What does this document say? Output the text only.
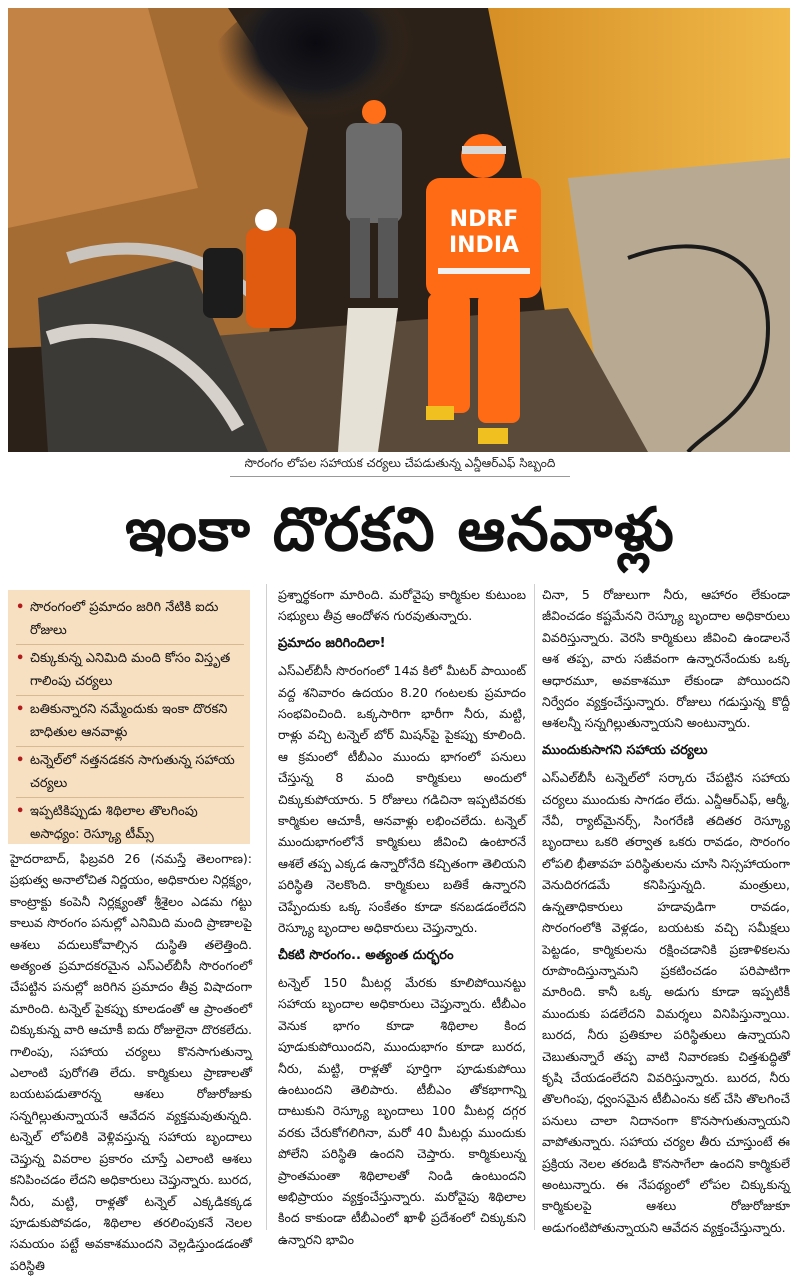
NDRF
INDIA
సొరంగం లోపల సహాయక చర్యలు చేపడుతున్న ఎన్డీఆర్‌ఎఫ్ సిబ్బంది
ఇంకా దొరకని ఆనవాళ్లు
• సొరంగంలో ప్రమాదం జరిగి నేటికి ఐదు రోజులు
• చిక్కుకున్న ఎనిమిది మంది కోసం విస్తృత గాలింపు చర్యలు
• బతికున్నారని నమ్మేందుకు ఇంకా దొరకని బాధితుల ఆనవాళ్లు
• టన్నెల్‌లో నత్తనడకన సాగుతున్న సహాయ చర్యలు
• ఇప్పటికిప్పుడు శిథిలాల తొలగింపు అసాధ్యం: రెస్క్యూ టీమ్స్

హైదరాబాద్, ఫిబ్రవరి 26 (నమస్తే తెలంగాణ): ప్రభుత్వ అనాలోచిత నిర్ణయం, అధికారుల నిర్లక్ష్యం, కాంట్రాక్టు కంపెనీ నిర్లక్ష్యంతో శ్రీశైలం ఎడమ గట్టు కాలువ సొరంగం పనుల్లో ఎనిమిది మంది ప్రాణాలపై ఆశలు వదులుకోవాల్సిన దుస్థితి తలెత్తింది. అత్యంత ప్రమాదకరమైన ఎస్‌ఎల్‌బీసీ సొరంగంలో చేపట్టిన పనుల్లో జరిగిన ప్రమాదం తీవ్ర విషాదంగా మారింది. టన్నెల్ పైకప్పు కూలడంతో ఆ ప్రాంతంలో చిక్కుకున్న వారి ఆచూకీ ఐదు రోజులైనా దొరకలేదు. గాలింపు, సహాయ చర్యలు కొనసాగుతున్నా ఎలాంటి పురోగతి లేదు. కార్మికులు ప్రాణాలతో బయటపడుతారన్న ఆశలు రోజురోజుకు సన్నగిల్లుతున్నాయనే ఆవేదన వ్యక్తమవుతున్నది. టన్నెల్ లోపలికి వెళ్లివస్తున్న సహాయ బృందాలు చెప్తున్న వివరాల ప్రకారం చూస్తే ఎలాంటి ఆశలు కనిపించడం లేదని అధికారులు చెప్తున్నారు. బురద, నీరు, మట్టి, రాళ్లతో టన్నెల్ ఎక్కడికక్కడ పూడుకుపోవడం, శిథిలాల తరలింపుకనే నెలల సమయం పట్టే అవకాశముందని వెల్లడిస్తుండడంతో పరిస్థితి

ప్రశ్నార్థకంగా మారింది. మరోవైపు కార్మికుల కుటుంబ సభ్యులు తీవ్ర ఆందోళన గురవుతున్నారు.

ప్రమాదం జరిగిందిలా!

ఎస్‌ఎల్‌బీసీ సొరంగంలో 14వ కిలో మీటర్ పాయింట్ వద్ద శనివారం ఉదయం 8.20 గంటలకు ప్రమాదం సంభవించింది. ఒక్కసారిగా భారీగా నీరు, మట్టి, రాళ్లు వచ్చి టన్నెల్ బోర్ మిషన్‌పై పైకప్పు కూలింది. ఆ క్రమంలో టీబీఎం ముందు భాగంలో పనులు చేస్తున్న 8 మంది కార్మికులు అందులో చిక్కుకుపోయారు. 5 రోజులు గడిచినా ఇప్పటివరకు కార్మికుల ఆచూకీ, ఆనవాళ్లు లభించలేదు. టన్నెల్ ముందుభాగంలోనే కార్మికులు జీవించి ఉంటారనే ఆశలే తప్ప ఎక్కడ ఉన్నారోనేది కచ్చితంగా తెలియని పరిస్థితి నెలకొంది. కార్మికులు బతికే ఉన్నారని చెప్పేందుకు ఒక్క సంకేతం కూడా కనబడడంలేదని రెస్క్యూ బృందాల అధికారులు చెప్తున్నారు.

చీకటి సొరంగం.. అత్యంత దుర్భరం

టన్నెల్ 150 మీటర్ల మేరకు కూలిపోయినట్టు సహాయ బృందాల అధికారులు చెప్తున్నారు. టీబీఎం వెనుక భాగం కూడా శిథిలాల కింద పూడుకుపోయిందని, ముందుభాగం కూడా బురద, నీరు, మట్టి, రాళ్లతో పూర్తిగా పూడుకుపోయి ఉంటుందని తెలిపారు. టీబీఎం తోకభాగాన్ని దాటుకుని రెస్క్యూ బృందాలు 100 మీటర్ల దగ్గర వరకు చేరుకోగలిగినా, మరో 40 మీటర్లు ముందుకు పోలేని పరిస్థితి ఉందని చెప్తారు. కార్మికులున్న ప్రాంతమంతా శిథిలాలతో నిండి ఉంటుందని అభిప్రాయం వ్యక్తంచేస్తున్నారు. మరోవైపు శిథిలాల కింద కాకుండా టీబీఎంలో ఖాళీ ప్రదేశంలో చిక్కుకుని ఉన్నారని భావిం

చినా, 5 రోజులుగా నీరు, ఆహారం లేకుండా జీవించడం కష్టమేనని రెస్క్యూ బృందాల అధికారులు వివరిస్తున్నారు. వెరసి కార్మికులు జీవించి ఉండాలనే ఆశ తప్ప, వారు సజీవంగా ఉన్నారనేందుకు ఒక్క ఆధారమూ, అవకాశమూ లేకుండా పోయిందని నిర్వేదం వ్యక్తంచేస్తున్నారు. రోజులు గడుస్తున్న కొద్దీ ఆశలన్నీ సన్నగిల్లుతున్నాయని అంటున్నారు.

ముందుకుసాగని సహాయ చర్యలు

ఎస్‌ఎల్‌బీసీ టన్నెల్‌లో సర్కారు చేపట్టిన సహాయ చర్యలు ముందుకు సాగడం లేదు. ఎన్డీఆర్‌ఎఫ్, ఆర్మీ, నేవీ, ర్యాట్‌మైనర్స్, సింగరేణి తదితర రెస్క్యూ బృందాలు ఒకరి తర్వాత ఒకరు రావడం, సొరంగం లోపలి భీతావహ పరిస్థితులను చూసి నిస్సహాయంగా వెనుదిరగడమే కనిపిస్తున్నది. మంత్రులు, ఉన్నతాధికారులు హడావుడిగా రావడం, సొరంగంలోకి వెళ్లడం, బయటకు వచ్చి సమీక్షలు పెట్టడం, కార్మికులను రక్షించడానికి ప్రణాళికలను రూపొందిస్తున్నామని ప్రకటించడం పరిపాటిగా మారింది. కానీ ఒక్క అడుగు కూడా ఇప్పటికీ ముందుకు పడలేదని విమర్శలు వినిపిస్తున్నాయి. బురద, నీరు ప్రతికూల పరిస్థితులు ఉన్నాయని చెబుతున్నారే తప్ప వాటి నివారణకు చిత్తశుద్ధితో కృషి చేయడంలేదని వివరిస్తున్నారు. బురద, నీరు తొలగింపు, ధ్వంసమైన టీబీఎంను కట్ చేసి తొలగించే పనులు చాలా నిదానంగా కొనసాగుతున్నాయని వాపోతున్నారు. సహాయ చర్యల తీరు చూస్తుంటే ఈ ప్రక్రియ నెలల తరబడి కొనసాగేలా ఉందని కార్మికులే అంటున్నారు. ఈ నేపథ్యంలో లోపల చిక్కుకున్న కార్మికులపై ఆశలు రోజురోజుకూ అడుగంటిపోతున్నాయని ఆవేదన వ్యక్తంచేస్తున్నారు.
